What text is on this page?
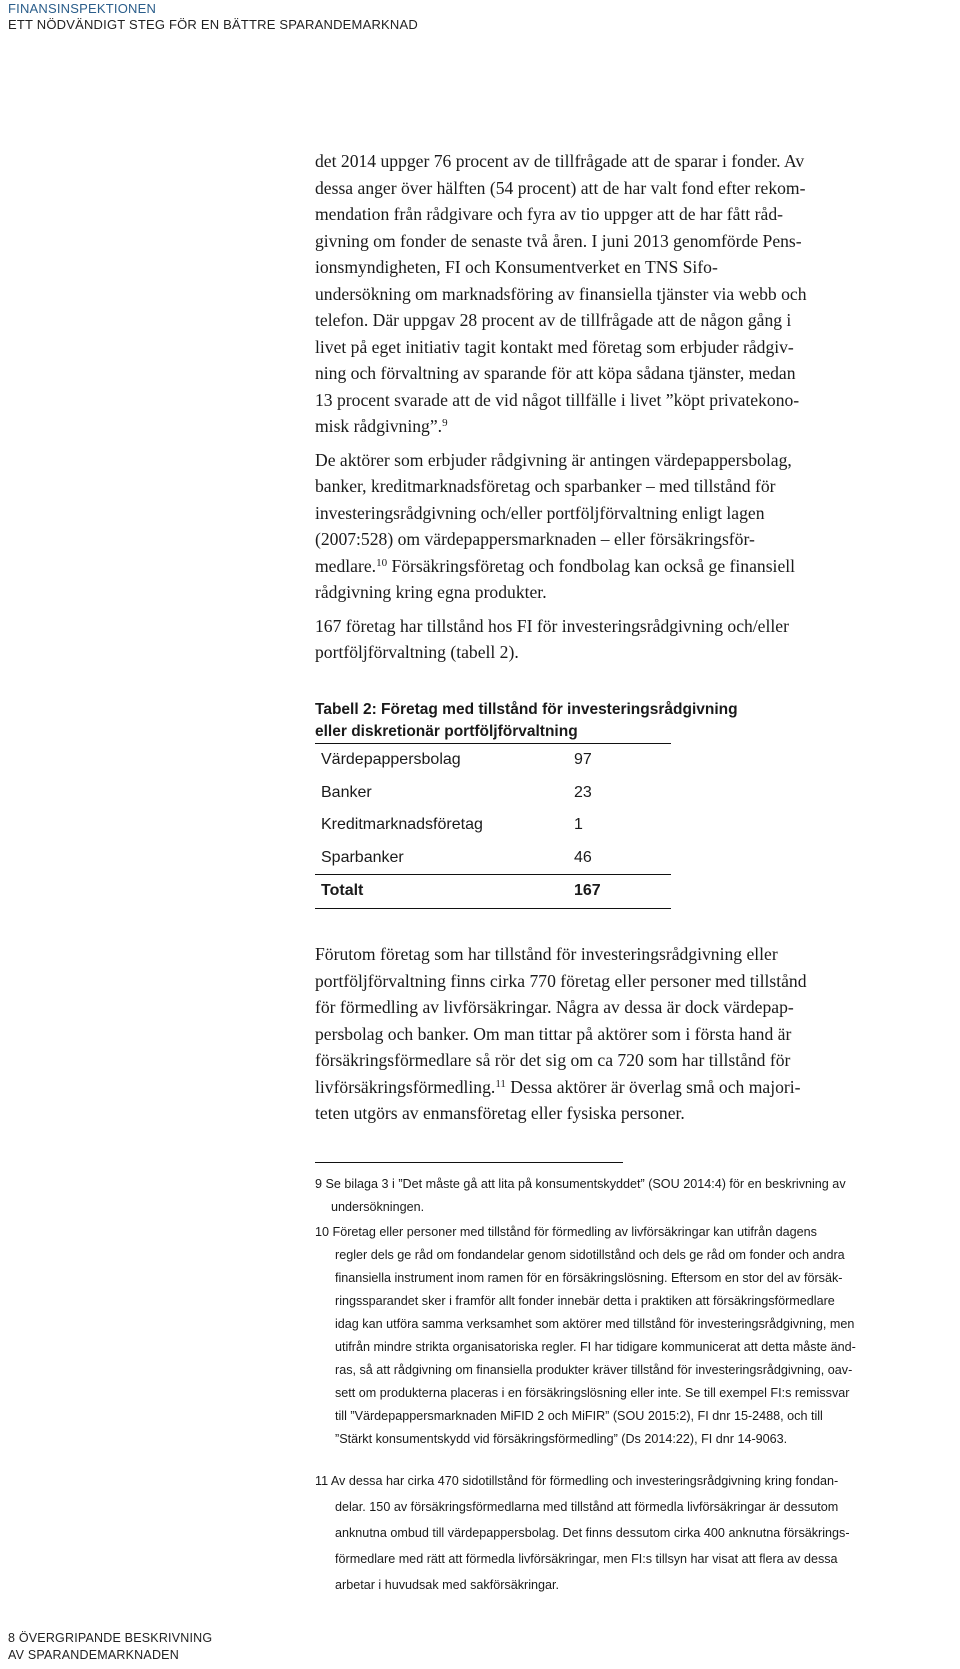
FINANSINSPEKTIONEN
ETT NÖDVÄNDIGT STEG FÖR EN BÄTTRE SPARANDEMARKNAD

det 2014 uppger 76 procent av de tillfrågade att de sparar i fonder. Av
dessa anger över hälften (54 procent) att de har valt fond efter rekom-
mendation från rådgivare och fyra av tio uppger att de har fått råd-
givning om fonder de senaste två åren. I juni 2013 genomförde Pens-
ionsmyndigheten, FI och Konsumentverket en TNS Sifo-
undersökning om marknadsföring av finansiella tjänster via webb och
telefon. Där uppgav 28 procent av de tillfrågade att de någon gång i
livet på eget initiativ tagit kontakt med företag som erbjuder rådgiv-
ning och förvaltning av sparande för att köpa sådana tjänster, medan
13 procent svarade att de vid något tillfälle i livet ”köpt privatekono-
misk rådgivning”.$^9$

De aktörer som erbjuder rådgivning är antingen värdepappersbolag,
banker, kreditmarknadsföretag och sparbanker – med tillstånd för
investeringsrådgivning och/eller portföljförvaltning enligt lagen
(2007:528) om värdepappersmarknaden – eller försäkringsför-
medlare.$^{10}$ Försäkringsföretag och fondbolag kan också ge finansiell
rådgivning kring egna produkter.

167 företag har tillstånd hos FI för investeringsrådgivning och/eller
portföljförvaltning (tabell 2).

Tabell 2: Företag med tillstånd för investeringsrådgivning
eller diskretionär portföljförvaltning
Värdepappersbolag	97
Banker	23
Kreditmarknadsföretag	1
Sparbanker	46
Totalt	167

Förutom företag som har tillstånd för investeringsrådgivning eller
portföljförvaltning finns cirka 770 företag eller personer med tillstånd
för förmedling av livförsäkringar. Några av dessa är dock värdepap-
persbolag och banker. Om man tittar på aktörer som i första hand är
försäkringsförmedlare så rör det sig om ca 720 som har tillstånd för
livförsäkringsförmedling.$^{11}$ Dessa aktörer är överlag små och majori-
teten utgörs av enmansföretag eller fysiska personer.

9 Se bilaga 3 i ”Det måste gå att lita på konsumentskyddet” (SOU 2014:4) för en beskrivning av
undersökningen.
10 Företag eller personer med tillstånd för förmedling av livförsäkringar kan utifrån dagens
regler dels ge råd om fondandelar genom sidotillstånd och dels ge råd om fonder och andra
finansiella instrument inom ramen för en försäkringslösning. Eftersom en stor del av försäk-
ringssparandet sker i framför allt fonder innebär detta i praktiken att försäkringsförmedlare
idag kan utföra samma verksamhet som aktörer med tillstånd för investeringsrådgivning, men
utifrån mindre strikta organisatoriska regler. FI har tidigare kommunicerat att detta måste änd-
ras, så att rådgivning om finansiella produkter kräver tillstånd för investeringsrådgivning, oav-
sett om produkterna placeras i en försäkringslösning eller inte. Se till exempel FI:s remissvar
till ”Värdepappersmarknaden MiFID 2 och MiFIR” (SOU 2015:2), FI dnr 15-2488, och till
”Stärkt konsumentskydd vid försäkringsförmedling” (Ds 2014:22), FI dnr 14-9063.
11 Av dessa har cirka 470 sidotillstånd för förmedling och investeringsrådgivning kring fondan-
delar. 150 av försäkringsförmedlarna med tillstånd att förmedla livförsäkringar är dessutom
anknutna ombud till värdepappersbolag. Det finns dessutom cirka 400 anknutna försäkrings-
förmedlare med rätt att förmedla livförsäkringar, men FI:s tillsyn har visat att flera av dessa
arbetar i huvudsak med sakförsäkringar.
8 ÖVERGRIPANDE BESKRIVNING
AV SPARANDEMARKNADEN
